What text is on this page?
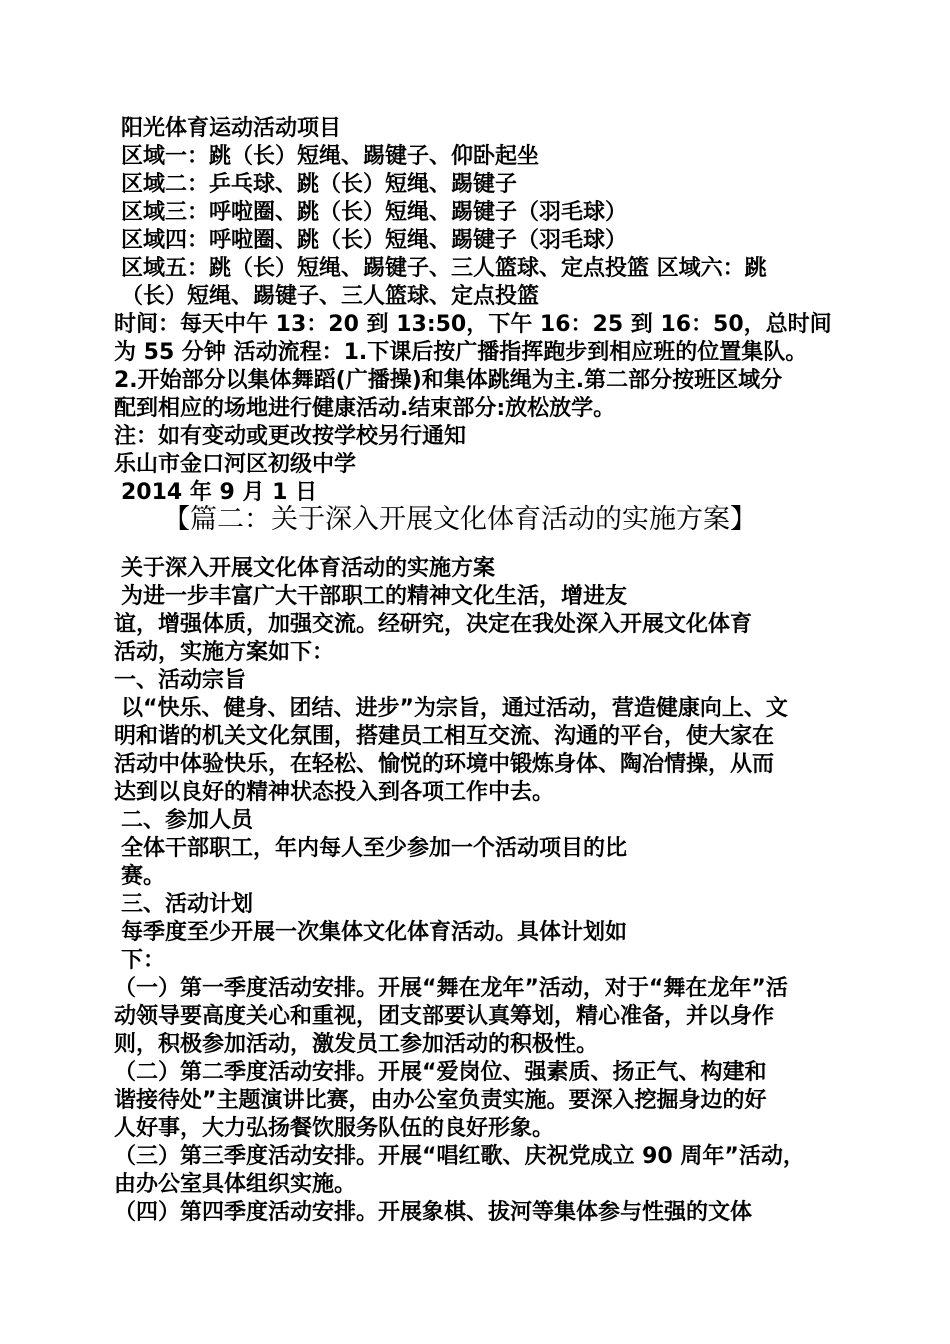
阳光体育运动活动项目
区域一：跳（长）短绳、踢键子、仰卧起坐
区域二：乒乓球、跳（长）短绳、踢键子
区域三：呼啦圈、跳（长）短绳、踢键子（羽毛球）
区域四：呼啦圈、跳（长）短绳、踢键子（羽毛球）
区域五：跳（长）短绳、踢键子、三人篮球、定点投篮 区域六：跳
（长）短绳、踢键子、三人篮球、定点投篮
时间：每天中午 13：20 到 13:50，下午 16：25 到 16：50，总时间
为 55 分钟 活动流程：1.下课后按广播指挥跑步到相应班的位置集队。
2.开始部分以集体舞蹈(广播操)和集体跳绳为主.第二部分按班区域分
配到相应的场地进行健康活动.结束部分:放松放学。
注：如有变动或更改按学校另行通知
乐山市金口河区初级中学
2014 年 9 月 1 日
【篇二：关于深入开展文化体育活动的实施方案】
关于深入开展文化体育活动的实施方案
为进一步丰富广大干部职工的精神文化生活，增进友
谊，增强体质，加强交流。经研究，决定在我处深入开展文化体育
活动，实施方案如下：
一、活动宗旨
以“快乐、健身、团结、进步”为宗旨，通过活动，营造健康向上、文
明和谐的机关文化氛围，搭建员工相互交流、沟通的平台，使大家在
活动中体验快乐，在轻松、愉悦的环境中锻炼身体、陶冶情操，从而
达到以良好的精神状态投入到各项工作中去。
二、参加人员
全体干部职工，年内每人至少参加一个活动项目的比
赛。
三、活动计划
每季度至少开展一次集体文化体育活动。具体计划如
下：
（一）第一季度活动安排。开展“舞在龙年”活动，对于“舞在龙年”活
动领导要高度关心和重视，团支部要认真筹划，精心准备，并以身作
则，积极参加活动，激发员工参加活动的积极性。
（二）第二季度活动安排。开展“爱岗位、强素质、扬正气、构建和
谐接待处”主题演讲比赛，由办公室负责实施。要深入挖掘身边的好
人好事，大力弘扬餐饮服务队伍的良好形象。
（三）第三季度活动安排。开展“唱红歌、庆祝党成立 90 周年”活动，
由办公室具体组织实施。
（四）第四季度活动安排。开展象棋、拔河等集体参与性强的文体
